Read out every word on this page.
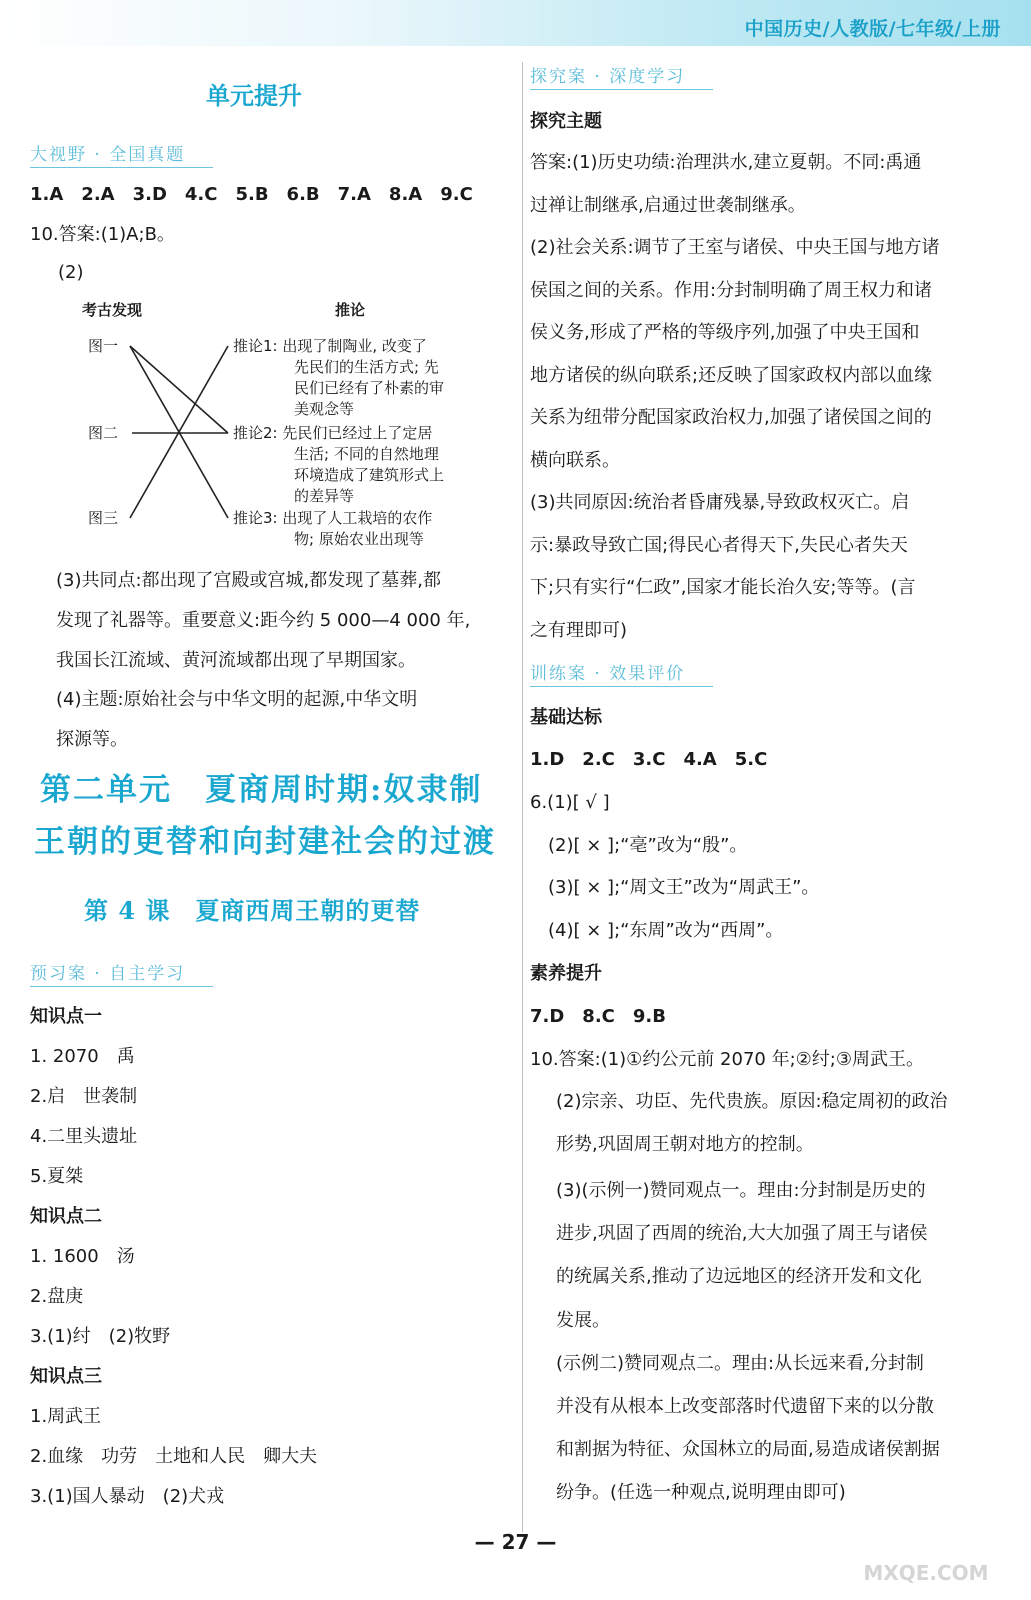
中国历史/人教版/七年级/上册
单元提升
大视野 · 全国真题
1.A　2.A　3.D　4.C　5.B　6.B　7.A　8.A　9.C
10.答案:(1)A;B。
(2)
考古发现	推论
图一
图二
图三
推论1: 出现了制陶业, 改变了
先民们的生活方式; 先
民们已经有了朴素的审
美观念等
推论2: 先民们已经过上了定居
生活; 不同的自然地理
环境造成了建筑形式上
的差异等
推论3: 出现了人工栽培的农作
物; 原始农业出现等
(3)共同点:都出现了宫殿或宫城,都发现了墓葬,都
发现了礼器等。重要意义:距今约 5 000—4 000 年,
我国长江流域、黄河流域都出现了早期国家。
(4)主题:原始社会与中华文明的起源,中华文明
探源等。
第二单元　夏商周时期:奴隶制
王朝的更替和向封建社会的过渡
第 4 课　夏商西周王朝的更替
预习案 · 自主学习
知识点一
1. 2070　禹
2.启　世袭制
4.二里头遗址
5.夏桀
知识点二
1. 1600　汤
2.盘庚
3.(1)纣　(2)牧野
知识点三
1.周武王
2.血缘　功劳　土地和人民　卿大夫
3.(1)国人暴动　(2)犬戎
探究案 · 深度学习
探究主题
答案:(1)历史功绩:治理洪水,建立夏朝。不同:禹通
过禅让制继承,启通过世袭制继承。
(2)社会关系:调节了王室与诸侯、中央王国与地方诸
侯国之间的关系。作用:分封制明确了周王权力和诸
侯义务,形成了严格的等级序列,加强了中央王国和
地方诸侯的纵向联系;还反映了国家政权内部以血缘
关系为纽带分配国家政治权力,加强了诸侯国之间的
横向联系。
(3)共同原因:统治者昏庸残暴,导致政权灭亡。启
示:暴政导致亡国;得民心者得天下,失民心者失天
下;只有实行“仁政”,国家才能长治久安;等等。(言
之有理即可)
训练案 · 效果评价
基础达标
1.D　2.C　3.C　4.A　5.C
6.(1)[ √ ]
(2)[ × ];“亳”改为“殷”。
(3)[ × ];“周文王”改为“周武王”。
(4)[ × ];“东周”改为“西周”。
素养提升
7.D　8.C　9.B
10.答案:(1)①约公元前 2070 年;②纣;③周武王。
(2)宗亲、功臣、先代贵族。原因:稳定周初的政治
形势,巩固周王朝对地方的控制。
(3)(示例一)赞同观点一。理由:分封制是历史的
进步,巩固了西周的统治,大大加强了周王与诸侯
的统属关系,推动了边远地区的经济开发和文化
发展。
(示例二)赞同观点二。理由:从长远来看,分封制
并没有从根本上改变部落时代遗留下来的以分散
和割据为特征、众国林立的局面,易造成诸侯割据
纷争。(任选一种观点,说明理由即可)
— 27 —
MXQE.COM
